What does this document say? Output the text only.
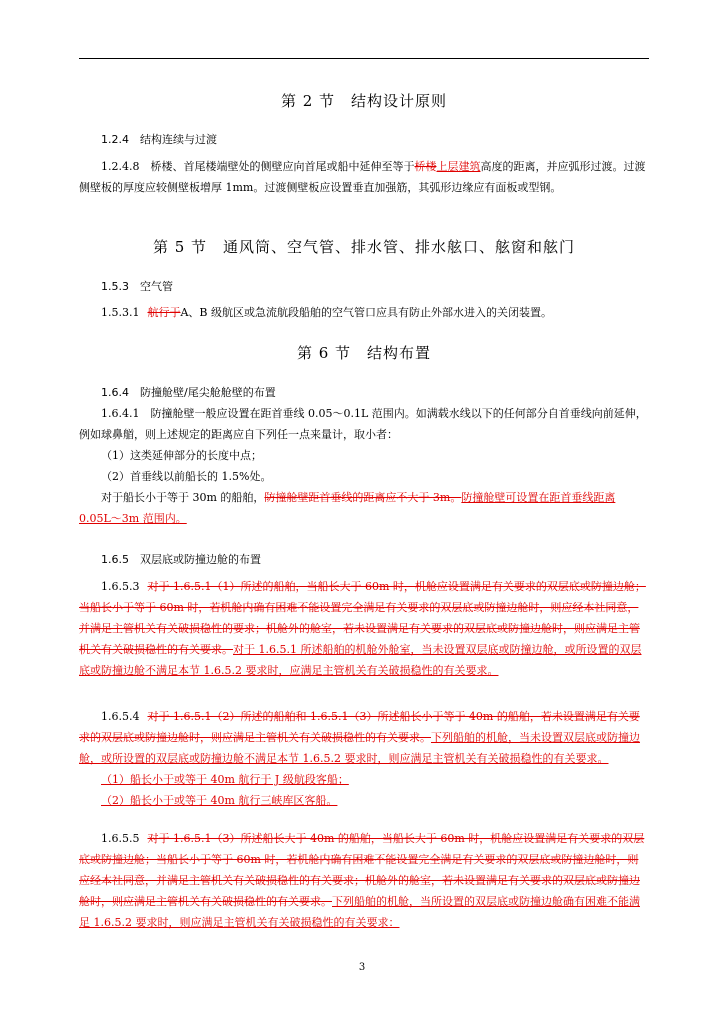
第 2 节　结构设计原则
1.2.4　结构连续与过渡
1.2.4.8　桥楼、首尾楼端壁处的侧壁应向首尾或船中延伸至等于桥楼上层建筑高度的距离，并应弧形过渡。过渡侧壁板的厚度应较侧壁板增厚 1mm。过渡侧壁板应设置垂直加强筋，其弧形边缘应有面板或型钢。
第 5 节　通风筒、空气管、排水管、排水舷口、舷窗和舷门
1.5.3　空气管
1.5.3.1 航行于A、B 级航区或急流航段船舶的空气管口应具有防止外部水进入的关闭装置。
第 6 节　结构布置
1.6.4　防撞舱壁/尾尖舱舱壁的布置
1.6.4.1　防撞舱壁一般应设置在距首垂线 0.05～0.1L 范围内。如满载水线以下的任何部分自首垂线向前延伸，例如球鼻艏，则上述规定的距离应自下列任一点来量计，取小者：
（1）这类延伸部分的长度中点；
（2）首垂线以前船长的 1.5%处。
对于船长小于等于 30m 的船舶，防撞舱壁距首垂线的距离应不大于 3m。防撞舱壁可设置在距首垂线距离 0.05L～3m 范围内。
1.6.5　双层底或防撞边舱的布置
1.6.5.3 对于 1.6.5.1（1）所述的船舶，当船长大于 60m 时，机舱应设置满足有关要求的双层底或防撞边舱；当船长小于等于 60m 时，若机舱内确有困难不能设置完全满足有关要求的双层底或防撞边舱时，则应经本社同意，并满足主管机关有关破损稳性的要求；机舱外的舱室，若未设置满足有关要求的双层底或防撞边舱时，则应满足主管机关有关破损稳性的有关要求。对于 1.6.5.1 所述船舶的机舱外舱室，当未设置双层底或防撞边舱，或所设置的双层底或防撞边舱不满足本节 1.6.5.2 要求时，应满足主管机关有关破损稳性的有关要求。
1.6.5.4 对于 1.6.5.1（2）所述的船舶和 1.6.5.1（3）所述船长小于等于 40m 的船舶，若未设置满足有关要求的双层底或防撞边舱时，则应满足主管机关有关破损稳性的有关要求。下列船舶的机舱，当未设置双层底或防撞边舱，或所设置的双层底或防撞边舱不满足本节 1.6.5.2 要求时，则应满足主管机关有关破损稳性的有关要求。
（1）船长小于或等于 40m 航行于 J 级航段客船；
（2）船长小于或等于 40m 航行三峡库区客船。
1.6.5.5 对于 1.6.5.1（3）所述船长大于 40m 的船舶，当船长大于 60m 时，机舱应设置满足有关要求的双层底或防撞边舱；当船长小于等于 60m 时，若机舱内确有困难不能设置完全满足有关要求的双层底或防撞边舱时，则应经本社同意，并满足主管机关有关破损稳性的有关要求；机舱外的舱室，若未设置满足有关要求的双层底或防撞边舱时，则应满足主管机关有关破损稳性的有关要求。下列船舶的机舱，当所设置的双层底或防撞边舱确有困难不能满足 1.6.5.2 要求时，则应满足主管机关有关破损稳性的有关要求：
3
